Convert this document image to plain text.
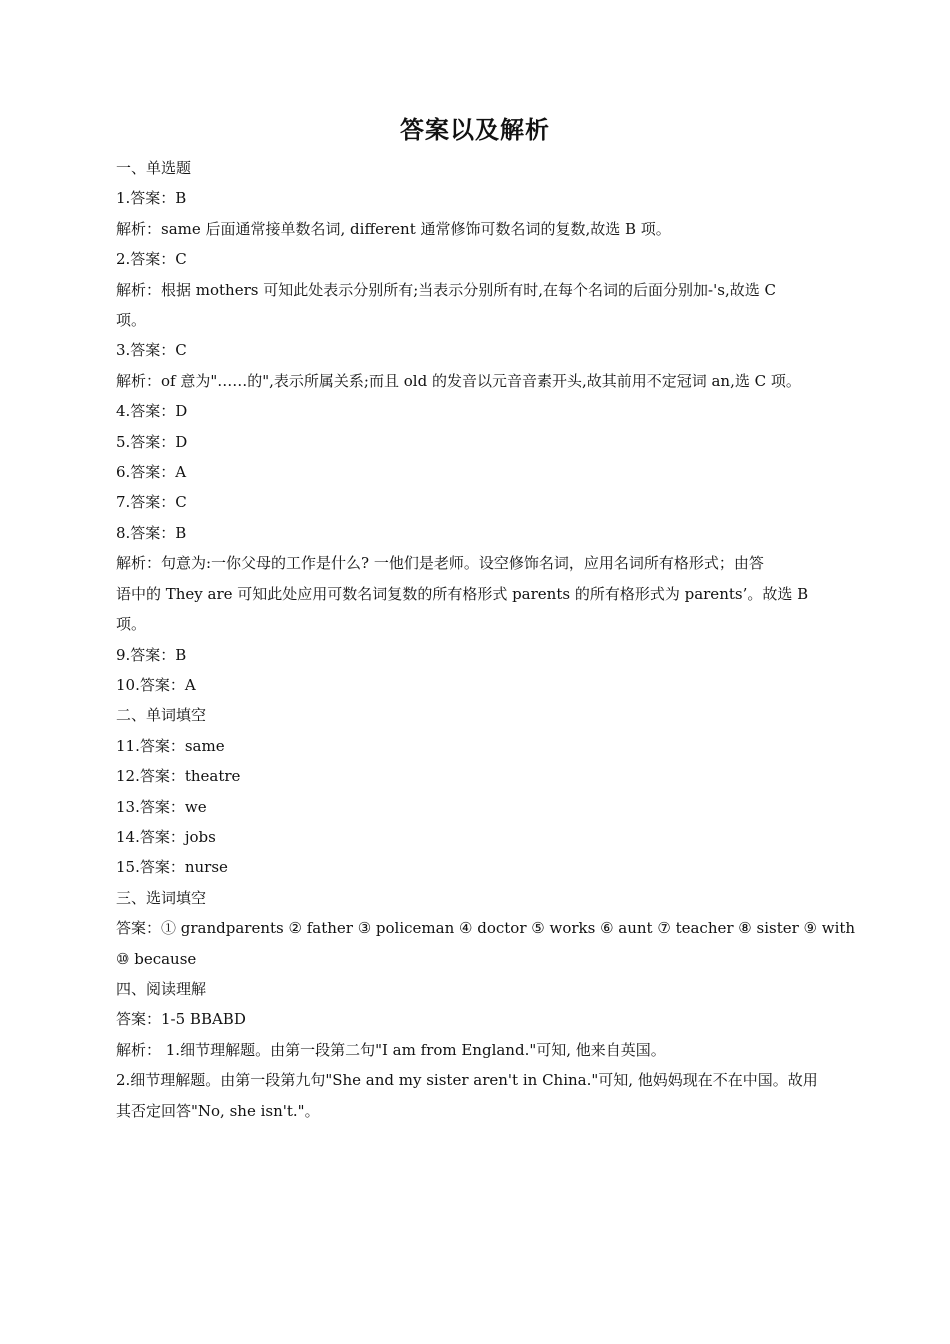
答案以及解析
一、单选题
1.答案：B
解析：same 后面通常接单数名词, different 通常修饰可数名词的复数,故选 B 项。
2.答案：C
解析：根据 mothers 可知此处表示分别所有;当表示分别所有时,在每个名词的后面分别加-'s,故选 C
项。
3.答案：C
解析：of 意为"……的",表示所属关系;而且 old 的发音以元音音素开头,故其前用不定冠词 an,选 C 项。
4.答案：D
5.答案：D
6.答案：A
7.答案：C
8.答案：B
解析：句意为:一你父母的工作是什么? 一他们是老师。设空修饰名词，应用名词所有格形式；由答
语中的 They are 可知此处应用可数名词复数的所有格形式 parents 的所有格形式为 parents’。故选 B
项。
9.答案：B
10.答案：A
二、单词填空
11.答案：same
12.答案：theatre
13.答案：we
14.答案：jobs
15.答案：nurse
三、选词填空
答案：① grandparents ② father ③ policeman ④ doctor ⑤ works ⑥ aunt ⑦ teacher ⑧ sister ⑨ with
⑩ because
四、阅读理解
答案：1-5 BBABD
解析： 1.细节理解题。由第一段第二句"I am from England."可知, 他来自英国。
2.细节理解题。由第一段第九句"She and my sister aren't in China."可知, 他妈妈现在不在中国。故用
其否定回答"No, she isn't."。
